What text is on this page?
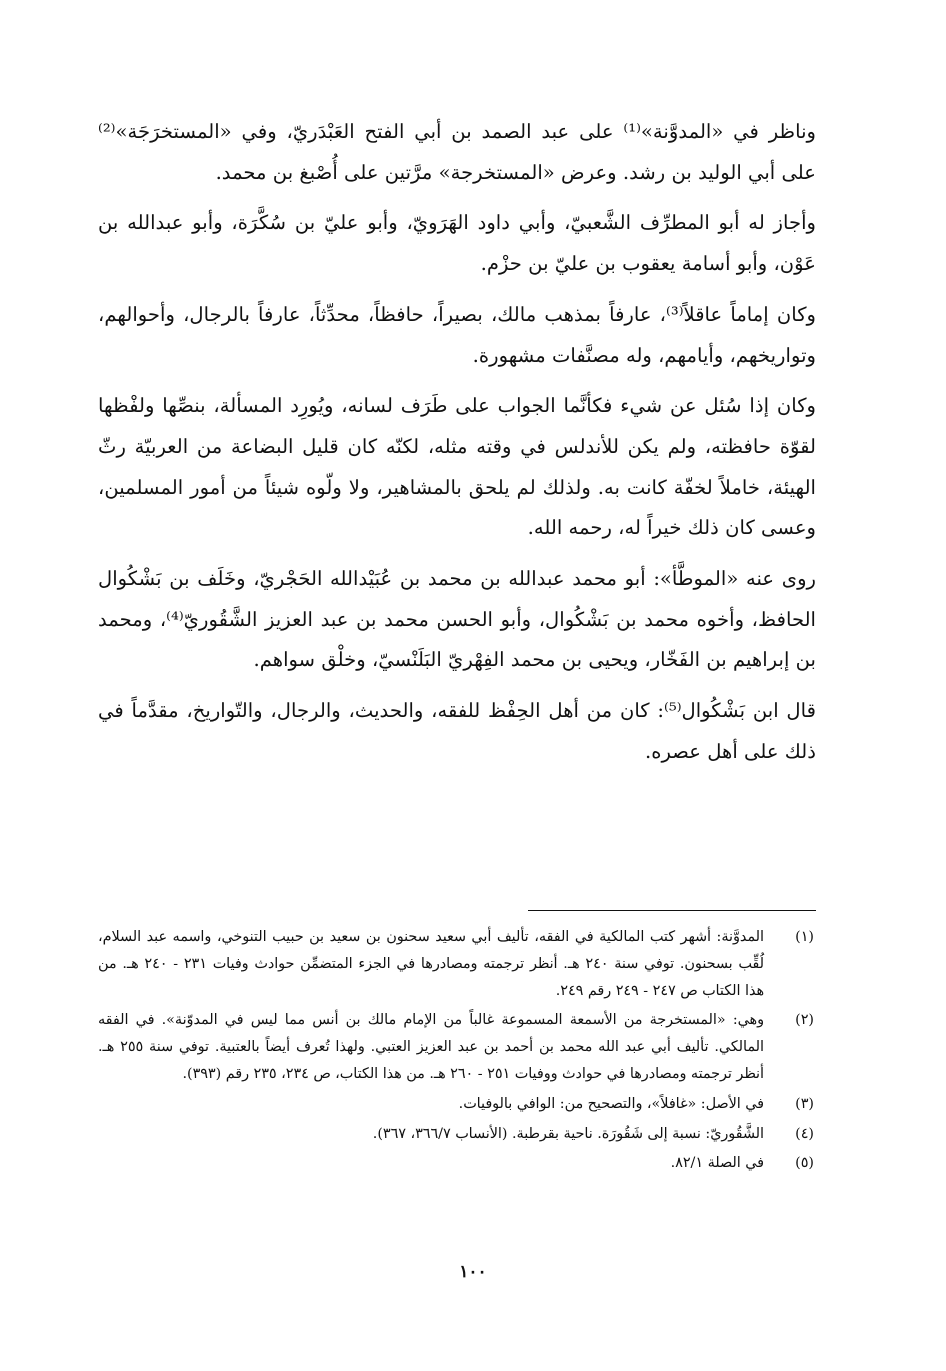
وناظر في «المدوَّنة»⁽¹⁾ على عبد الصمد بن أبي الفتح العَبْدَريّ، وفي «المستخرَجَة»⁽²⁾ على أبي الوليد بن رشد. وعرض «المستخرجة» مرَّتين على أُصْبغ بن محمد.

وأجاز له أبو المطرِّف الشَّعبيّ، وأبي داود الهَرَويّ، وأبو عليّ بن سُكَّرَة، وأبو عبدالله بن عَوْن، وأبو أسامة يعقوب بن عليّ بن حزْم.

وكان إماماً عاقلاً⁽³⁾، عارفاً بمذهب مالك، بصيراً، حافظاً، محدِّثاً، عارفاً بالرجال، وأحوالهم، وتواريخهم، وأيامهم، وله مصنَّفات مشهورة.

وكان إذا سُئل عن شيء فكأنَّما الجواب على طَرَف لسانه، ويُورِد المسألة، بنصِّها ولفْظها لقوّة حافظته، ولم يكن للأندلس في وقته مثله، لكنّه كان قليل البضاعة من العربيّة رثّ الهيئة، خاملاً لخفّة كانت به. ولذلك لم يلحق بالمشاهير، ولا ولّوه شيئاً من أمور المسلمين، وعسى كان ذلك خيراً له، رحمه الله.

روى عنه «الموطَّأ»: أبو محمد عبدالله بن محمد بن عُبَيْدالله الحَجْريّ، وخَلَف بن بَشْكُوال الحافظ، وأخوه محمد بن بَشْكُوال، وأبو الحسن محمد بن عبد العزيز الشَّقُوريّ⁽⁴⁾، ومحمد بن إبراهيم بن الفَخّار، ويحيى بن محمد الفِهْريّ البَلَنْسيّ، وخلْق سواهم.

قال ابن بَشْكُوال⁽⁵⁾: كان من أهل الحِفْظ للفقه، والحديث، والرجال، والتّواريخ، مقدَّماً في ذلك على أهل عصره.

(١)
المدوَّنة: أشهر كتب المالكية في الفقه، تأليف أبي سعيد سحنون بن سعيد بن حبيب التنوخي، واسمه عبد السلام، لُقِّب بسحنون. توفي سنة ٢٤٠ هـ. أنظر ترجمته ومصادرها في الجزء المتضمِّن حوادث وفيات ٢٣١ - ٢٤٠ هـ. من هذا الكتاب ص ٢٤٧ - ٢٤٩ رقم ٢٤٩.
(٢)
وهي: «المستخرجة من الأسمعة المسموعة غالباً من الإمام مالك بن أنس مما ليس في المدوّنة». في الفقه المالكي. تأليف أبي عبد الله محمد بن أحمد بن عبد العزيز العتبي. ولهذا تُعرف أيضاً بالعتبية. توفي سنة ٢٥٥ هـ. أنظر ترجمته ومصادرها في حوادث ووفيات ٢٥١ - ٢٦٠ هـ. من هذا الكتاب، ص ٢٣٤، ٢٣٥ رقم (٣٩٣).
(٣)
في الأصل: «غافلاً»، والتصحيح من: الوافي بالوفيات.
(٤)
الشَّقُوريّ: نسبة إلى شَقُورَة. ناحية بقرطبة. (الأنساب ٣٦٦/٧، ٣٦٧).
(٥)
في الصلة ٨٢/١.
١٠٠
